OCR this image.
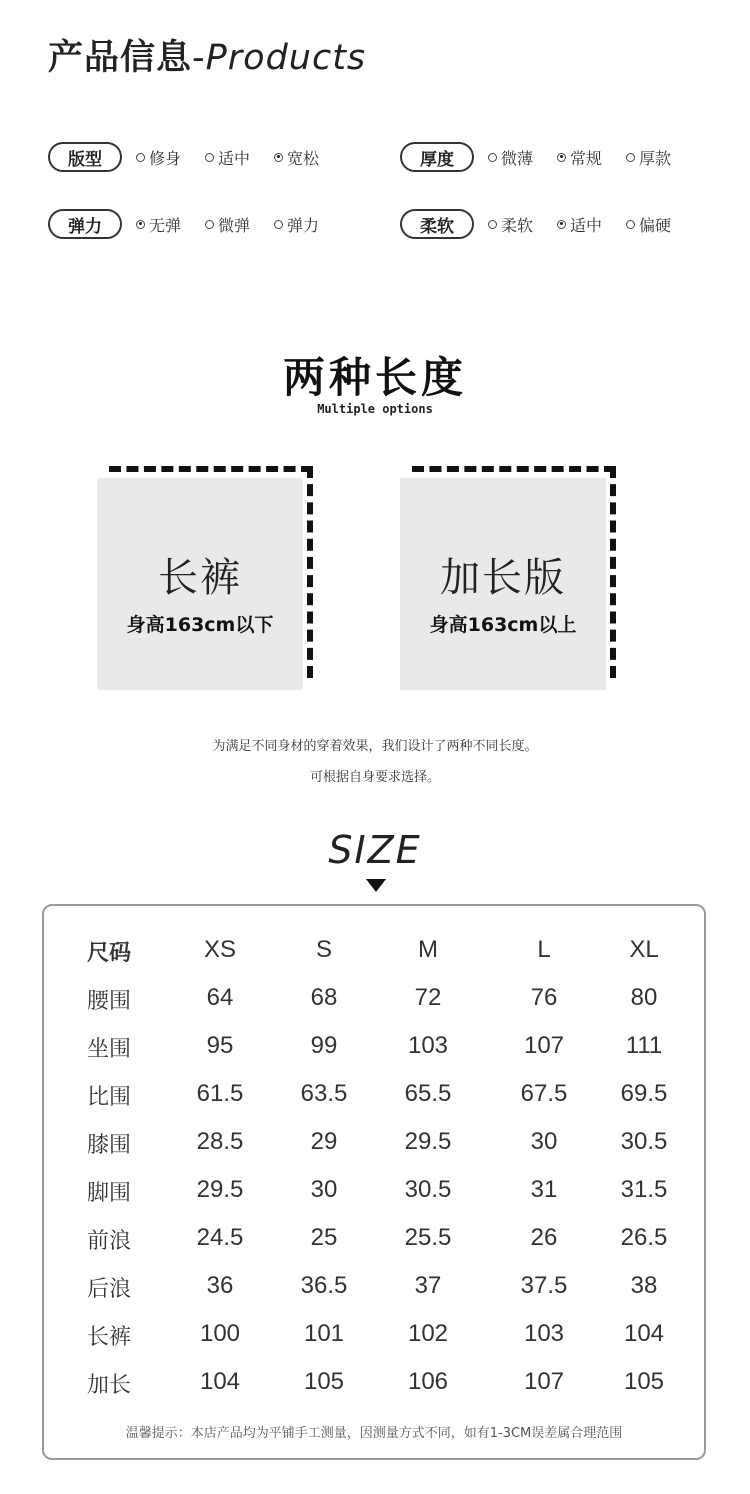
产品信息-Products
版型	修身 适中 宽松	厚度	微薄 常规 厚款
弹力	无弹 微弹 弹力	柔软	柔软 适中 偏硬
两种长度
Multiple options
长裤
身高163cm以下
加长版
身高163cm以上
为满足不同身材的穿着效果，我们设计了两种不同长度。
可根据自身要求选择。
SIZE
尺码	XS	S	M	L	XL
腰围	64	68	72	76	80
坐围	95	99	103	107	111
比围	61.5	63.5	65.5	67.5	69.5
膝围	28.5	29	29.5	30	30.5
脚围	29.5	30	30.5	31	31.5
前浪	24.5	25	25.5	26	26.5
后浪	36	36.5	37	37.5	38
长裤	100	101	102	103	104
加长	104	105	106	107	105
温馨提示：本店产品均为平铺手工测量，因测量方式不同，如有1-3CM误差属合理范围
